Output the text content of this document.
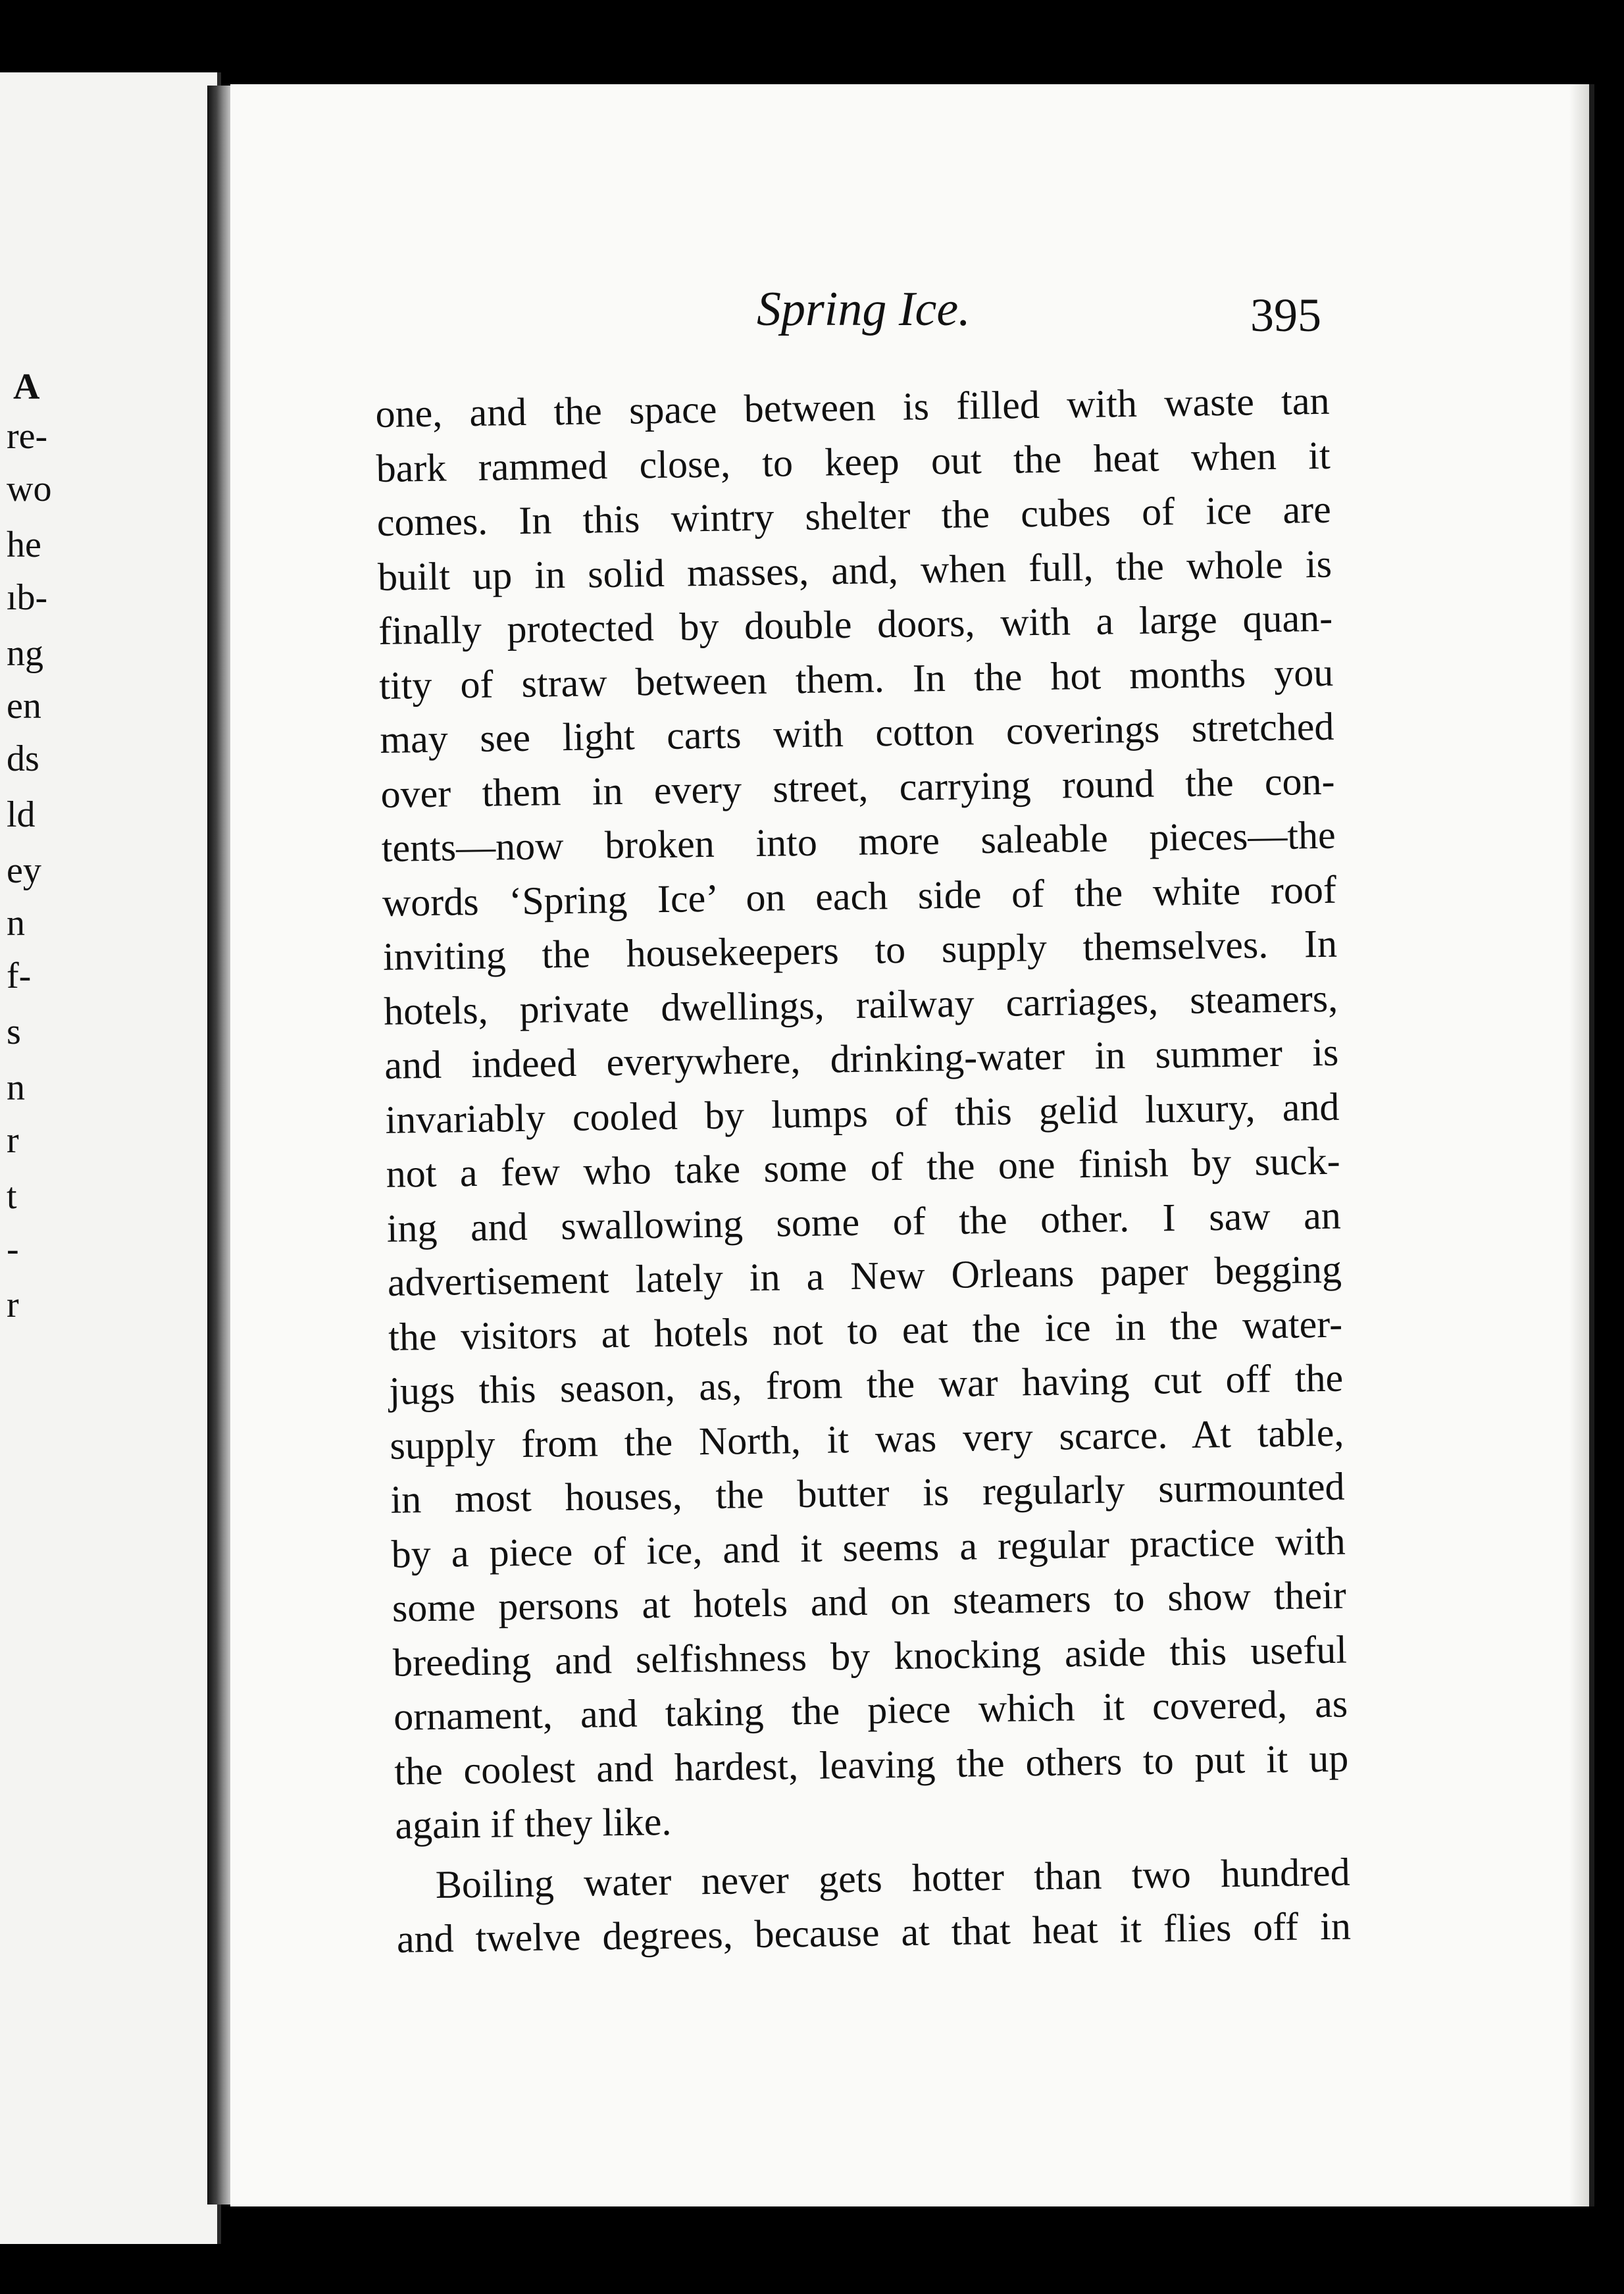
A
re-
wo
he
ıb-
ng
en
ds
ld
ey
n
f-
s
n
r
t
-
r
Spring Ice.	395
one, and the space between is filled with waste tan
bark rammed close, to keep out the heat when it
comes. In this wintry shelter the cubes of ice are
built up in solid masses, and, when full, the whole is
finally protected by double doors, with a large quan-
tity of straw between them. In the hot months you
may see light carts with cotton coverings stretched
over them in every street, carrying round the con-
tents—now broken into more saleable pieces—the
words ‘Spring Ice’ on each side of the white roof
inviting the housekeepers to supply themselves. In
hotels, private dwellings, railway carriages, steamers,
and indeed everywhere, drinking-water in summer is
invariably cooled by lumps of this gelid luxury, and
not a few who take some of the one finish by suck-
ing and swallowing some of the other. I saw an
advertisement lately in a New Orleans paper begging
the visitors at hotels not to eat the ice in the water-
jugs this season, as, from the war having cut off the
supply from the North, it was very scarce. At table,
in most houses, the butter is regularly surmounted
by a piece of ice, and it seems a regular practice with
some persons at hotels and on steamers to show their
breeding and selfishness by knocking aside this useful
ornament, and taking the piece which it covered, as
the coolest and hardest, leaving the others to put it up
again if they like.
Boiling water never gets hotter than two hundred
and twelve degrees, because at that heat it flies off in
